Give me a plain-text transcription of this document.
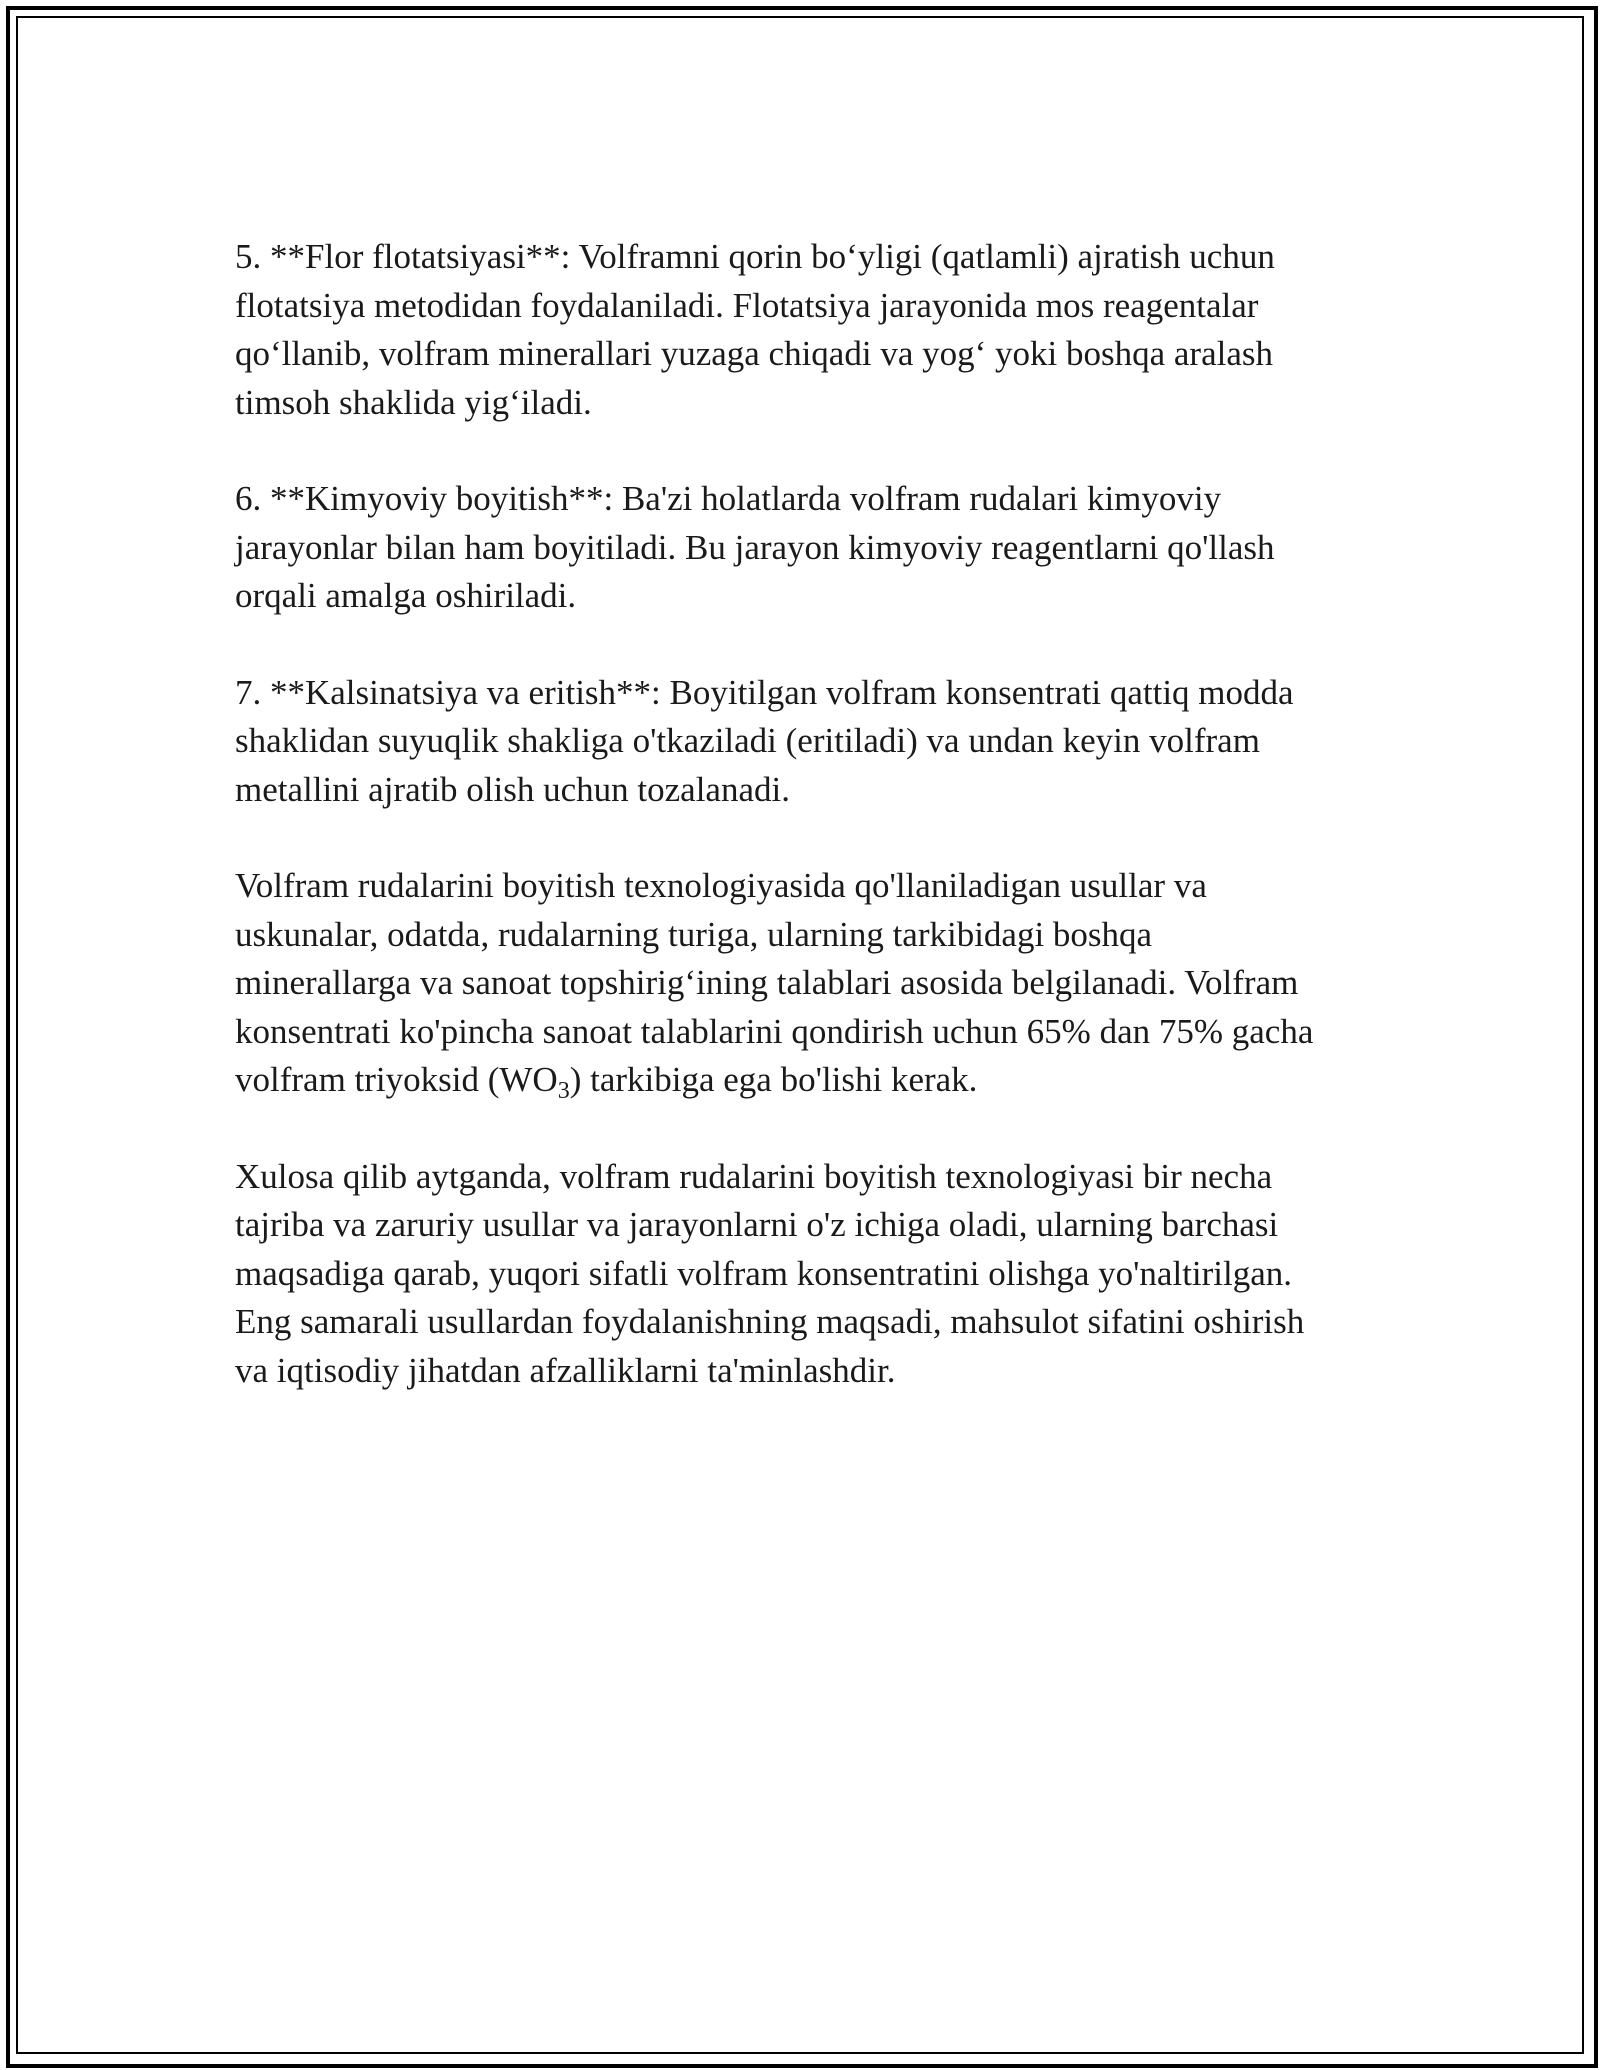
5. **Flor flotatsiyasi**: Volframni qorin bo‘yligi (qatlamli) ajratish uchun
flotatsiya metodidan foydalaniladi. Flotatsiya jarayonida mos reagentalar
qo‘llanib, volfram minerallari yuzaga chiqadi va yog‘ yoki boshqa aralash
timsoh shaklida yig‘iladi.

6. **Kimyoviy boyitish**: Ba'zi holatlarda volfram rudalari kimyoviy
jarayonlar bilan ham boyitiladi. Bu jarayon kimyoviy reagentlarni qo'llash
orqali amalga oshiriladi.

7. **Kalsinatsiya va eritish**: Boyitilgan volfram konsentrati qattiq modda
shaklidan suyuqlik shakliga o'tkaziladi (eritiladi) va undan keyin volfram
metallini ajratib olish uchun tozalanadi.

Volfram rudalarini boyitish texnologiyasida qo'llaniladigan usullar va
uskunalar, odatda, rudalarning turiga, ularning tarkibidagi boshqa
minerallarga va sanoat topshirig‘ining talablari asosida belgilanadi. Volfram
konsentrati ko'pincha sanoat talablarini qondirish uchun 65% dan 75% gacha
volfram triyoksid $(WO_3)$ tarkibiga ega bo'lishi kerak.

Xulosa qilib aytganda, volfram rudalarini boyitish texnologiyasi bir necha
tajriba va zaruriy usullar va jarayonlarni o'z ichiga oladi, ularning barchasi
maqsadiga qarab, yuqori sifatli volfram konsentratini olishga yo'naltirilgan.
Eng samarali usullardan foydalanishning maqsadi, mahsulot sifatini oshirish
va iqtisodiy jihatdan afzalliklarni ta'minlashdir.
